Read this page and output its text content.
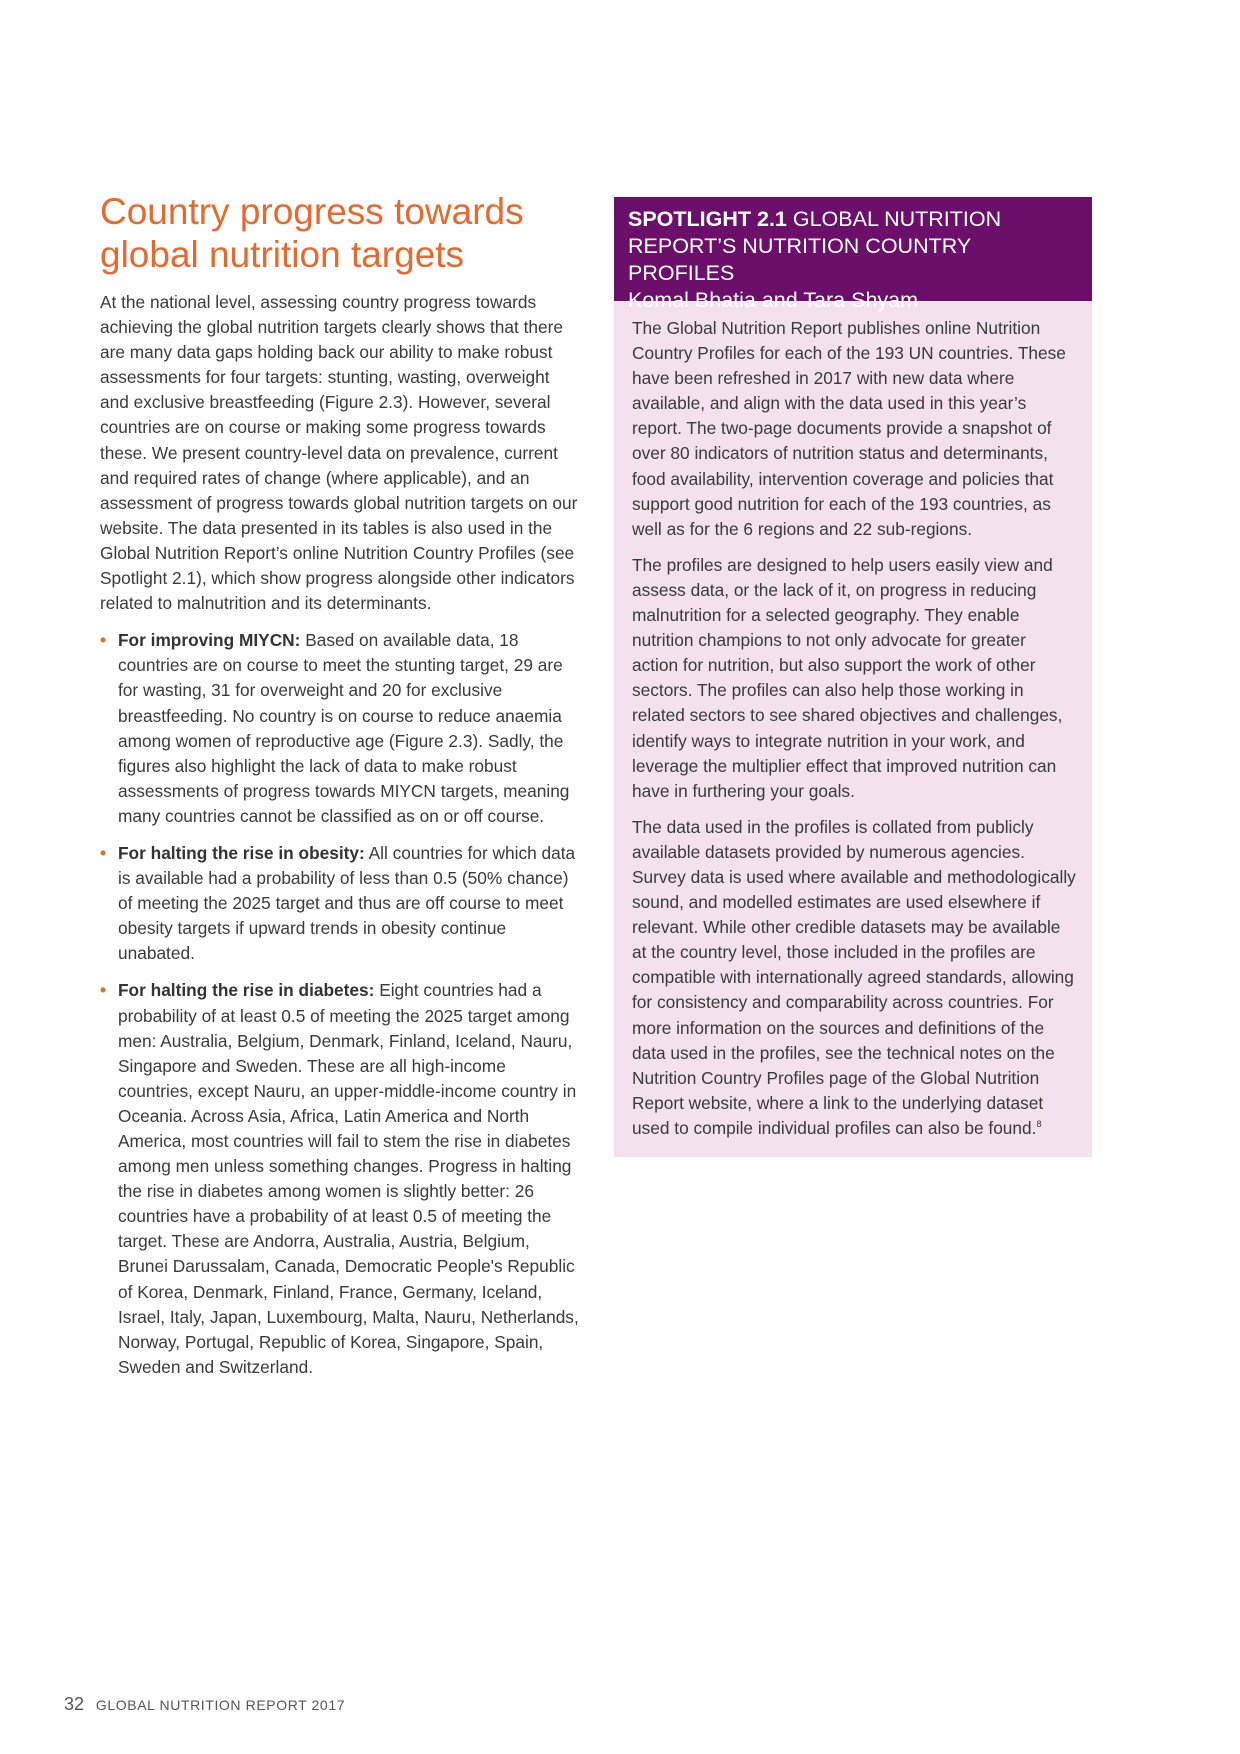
Country progress towards global nutrition targets

At the national level, assessing country progress towards achieving the global nutrition targets clearly shows that there are many data gaps holding back our ability to make robust assessments for four targets: stunting, wasting, overweight and exclusive breastfeeding (Figure 2.3). However, several countries are on course or making some progress towards these. We present country-level data on prevalence, current and required rates of change (where applicable), and an assessment of progress towards global nutrition targets on our website. The data presented in its tables is also used in the Global Nutrition Report’s online Nutrition Country Profiles (see Spotlight 2.1), which show progress alongside other indicators related to malnutrition and its determinants.

• For improving MIYCN: Based on available data, 18 countries are on course to meet the stunting target, 29 are for wasting, 31 for overweight and 20 for exclusive breastfeeding. No country is on course to reduce anaemia among women of reproductive age (Figure 2.3). Sadly, the figures also highlight the lack of data to make robust assessments of progress towards MIYCN targets, meaning many countries cannot be classified as on or off course.
• For halting the rise in obesity: All countries for which data is available had a probability of less than 0.5 (50% chance) of meeting the 2025 target and thus are off course to meet obesity targets if upward trends in obesity continue unabated.
• For halting the rise in diabetes: Eight countries had a probability of at least 0.5 of meeting the 2025 target among men: Australia, Belgium, Denmark, Finland, Iceland, Nauru, Singapore and Sweden. These are all high-income countries, except Nauru, an upper-middle-income country in Oceania. Across Asia, Africa, Latin America and North America, most countries will fail to stem the rise in diabetes among men unless something changes. Progress in halting the rise in diabetes among women is slightly better: 26 countries have a probability of at least 0.5 of meeting the target. These are Andorra, Australia, Austria, Belgium, Brunei Darussalam, Canada, Democratic People's Republic of Korea, Denmark, Finland, France, Germany, Iceland, Israel, Italy, Japan, Luxembourg, Malta, Nauru, Netherlands, Norway, Portugal, Republic of Korea, Singapore, Spain, Sweden and Switzerland.
SPOTLIGHT 2.1 GLOBAL NUTRITION REPORT’S NUTRITION COUNTRY PROFILES
Komal Bhatia and Tara Shyam

The Global Nutrition Report publishes online Nutrition Country Profiles for each of the 193 UN countries. These have been refreshed in 2017 with new data where available, and align with the data used in this year’s report. The two-page documents provide a snapshot of over 80 indicators of nutrition status and determinants, food availability, intervention coverage and policies that support good nutrition for each of the 193 countries, as well as for the 6 regions and 22 sub-regions.

The profiles are designed to help users easily view and assess data, or the lack of it, on progress in reducing malnutrition for a selected geography. They enable nutrition champions to not only advocate for greater action for nutrition, but also support the work of other sectors. The profiles can also help those working in related sectors to see shared objectives and challenges, identify ways to integrate nutrition in your work, and leverage the multiplier effect that improved nutrition can have in furthering your goals.

The data used in the profiles is collated from publicly available datasets provided by numerous agencies. Survey data is used where available and methodologically sound, and modelled estimates are used elsewhere if relevant. While other credible datasets may be available at the country level, those included in the profiles are compatible with internationally agreed standards, allowing for consistency and comparability across countries. For more information on the sources and definitions of the data used in the profiles, see the technical notes on the Nutrition Country Profiles page of the Global Nutrition Report website, where a link to the underlying dataset used to compile individual profiles can also be found.$^8$

32 GLOBAL NUTRITION REPORT 2017
